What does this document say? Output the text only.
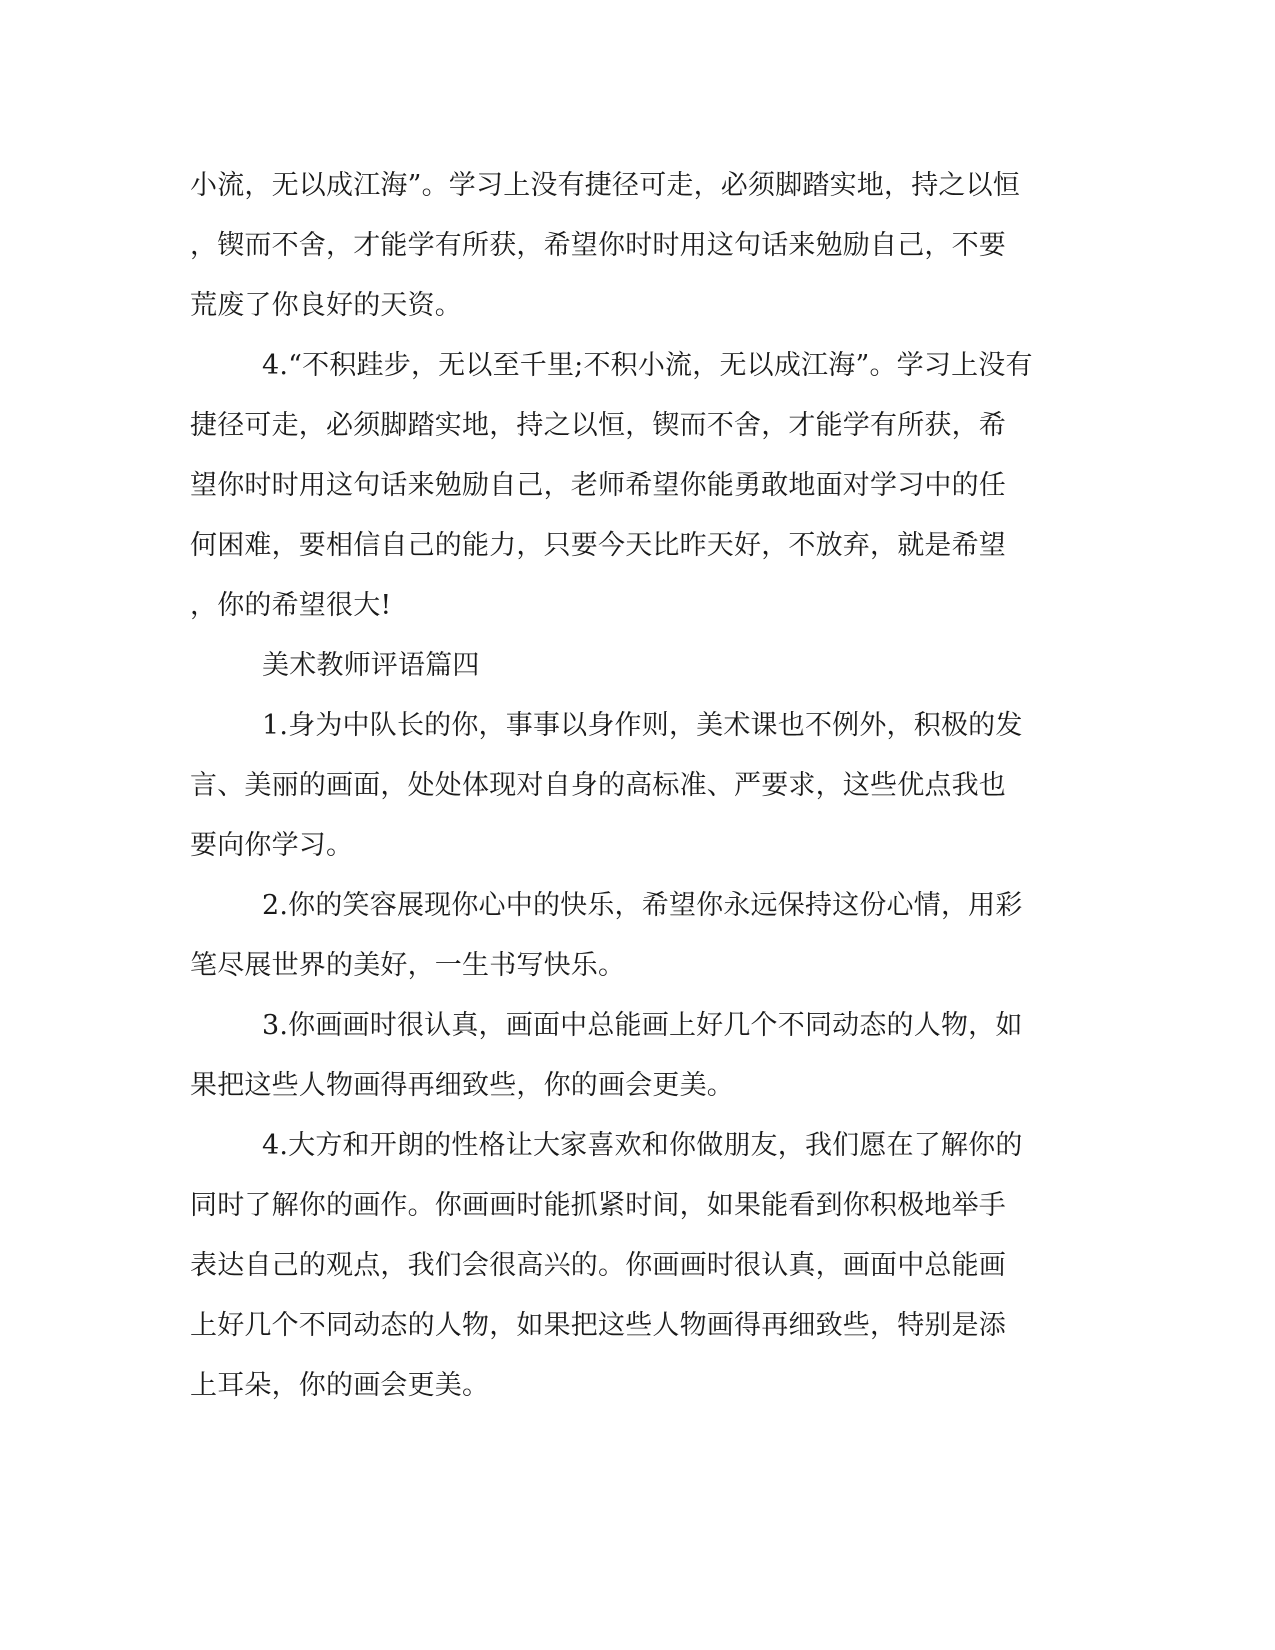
小流，无以成江海”。学习上没有捷径可走，必须脚踏实地，持之以恒

，锲而不舍，才能学有所获，希望你时时用这句话来勉励自己，不要

荒废了你良好的天资。

4.“不积跬步，无以至千里;不积小流，无以成江海”。学习上没有

捷径可走，必须脚踏实地，持之以恒，锲而不舍，才能学有所获，希

望你时时用这句话来勉励自己，老师希望你能勇敢地面对学习中的任

何困难，要相信自己的能力，只要今天比昨天好，不放弃，就是希望

，你的希望很大!

美术教师评语篇四

1.身为中队长的你，事事以身作则，美术课也不例外，积极的发

言、美丽的画面，处处体现对自身的高标准、严要求，这些优点我也

要向你学习。

2.你的笑容展现你心中的快乐，希望你永远保持这份心情，用彩

笔尽展世界的美好，一生书写快乐。

3.你画画时很认真，画面中总能画上好几个不同动态的人物，如

果把这些人物画得再细致些，你的画会更美。

4.大方和开朗的性格让大家喜欢和你做朋友，我们愿在了解你的

同时了解你的画作。你画画时能抓紧时间，如果能看到你积极地举手

表达自己的观点，我们会很高兴的。你画画时很认真，画面中总能画

上好几个不同动态的人物，如果把这些人物画得再细致些，特别是添

上耳朵，你的画会更美。
